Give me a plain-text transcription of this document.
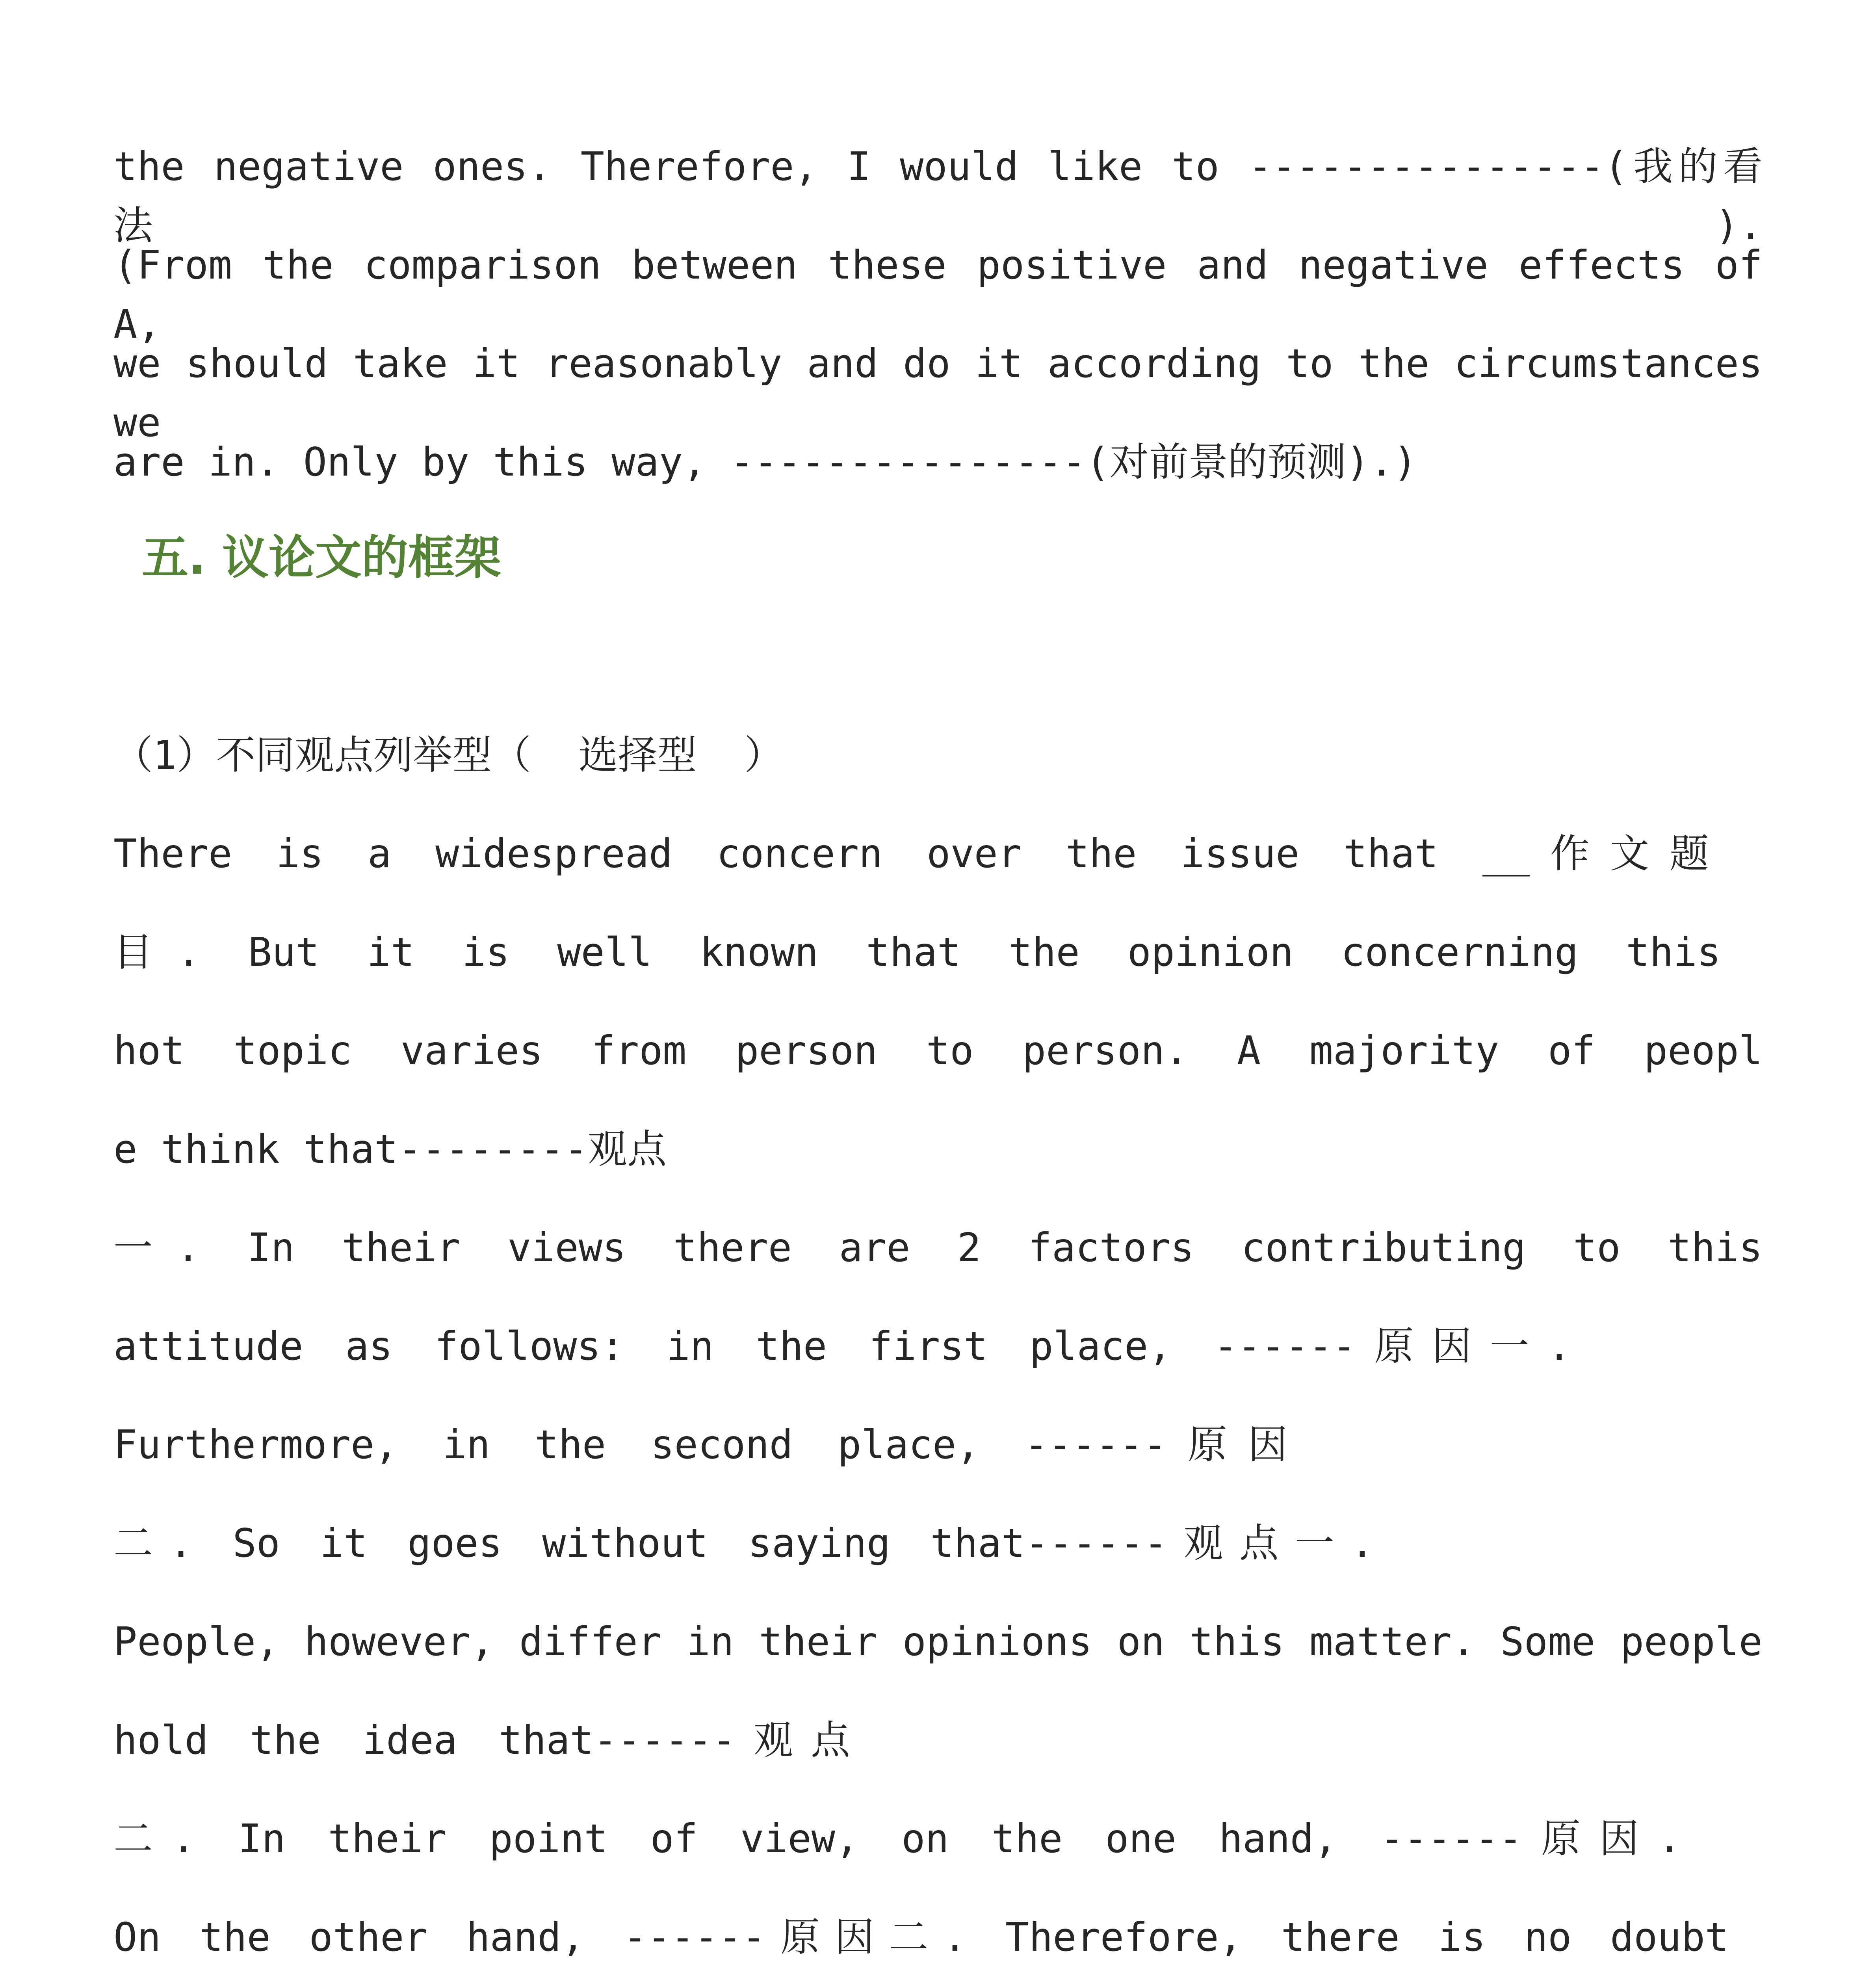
the negative ones. Therefore, I would like to ---------------(我的看法).

(From the comparison between these positive and negative effects of A,

we should take it reasonably and do it according to the circumstances we

are in. Only by this way, ---------------(对前景的预测).)

五. 议论文的框架

（1）不同观点列举型（  选择型  ）

There is a widespread concern over the issue that __作文题

目. But it is well known that the opinion concerning this

hot topic varies from person to person. A majority of peopl

e think that--------观点

一. In their views there are 2 factors contributing to this

attitude as follows: in the first place, ------原因一.

Furthermore, in the second place, ------原因

二. So it goes without saying that------观点一.

People, however, differ in their opinions on this matter. Some people

hold the idea that------观点

二. In their point of view, on the one hand, ------原因.

On the other hand, ------原因二. Therefore, there is no doubt
